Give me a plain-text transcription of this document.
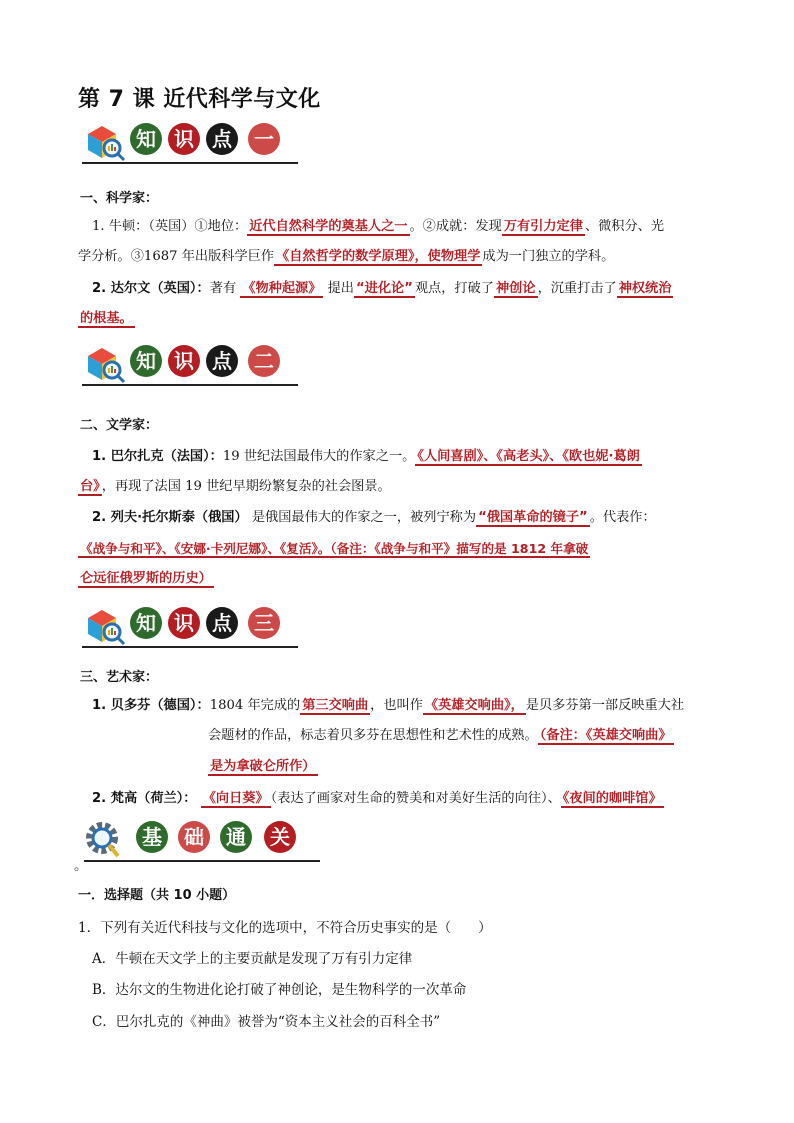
第 7 课 近代科学与文化
知 识 点	一
一、科学家：
1. 牛顿：（英国）①地位： 近代自然科学的奠基人之一 。②成就：发现 万有引力定律 、微积分、光
学分析。③1687 年出版科学巨作 《自然哲学的数学原理》，使物理学 成为一门独立的学科。
2. 达尔文（英国）：著有 《物种起源》 提出 “进化论” 观点，打破了 神创论 ，沉重打击了 神权统治
的根基。
知 识 点	二
二、文学家：
1. 巴尔扎克（法国）：19 世纪法国最伟大的作家之一。 《人间喜剧》、《高老头》、《欧也妮·葛朗
台》 ，再现了法国 19 世纪早期纷繁复杂的社会图景。
2. 列夫·托尔斯泰（俄国） 是俄国最伟大的作家之一，被列宁称为 “俄国革命的镜子” 。代表作：
《战争与和平》、《安娜·卡列尼娜》、《复活》。（备注：《战争与和平》描写的是 1812 年拿破
仑远征俄罗斯的历史）
知 识 点	三
三、艺术家：
1. 贝多芬（德国）：1804 年完成的 第三交响曲 ，也叫作 《英雄交响曲》， 是贝多芬第一部反映重大社
会题材的作品，标志着贝多芬在思想性和艺术性的成熟。 （备注：《英雄交响曲》
是为拿破仑所作）
2. 梵高（荷兰）： 《向日葵》 （表达了画家对生命的赞美和对美好生活的向往）、 《夜间的咖啡馆》
基	础	通	关
。
一．选择题（共 10 小题）
1．下列有关近代科技与文化的选项中，不符合历史事实的是（　　）
A．牛顿在天文学上的主要贡献是发现了万有引力定律
B．达尔文的生物进化论打破了神创论，是生物科学的一次革命
C．巴尔扎克的《神曲》被誉为“资本主义社会的百科全书”
